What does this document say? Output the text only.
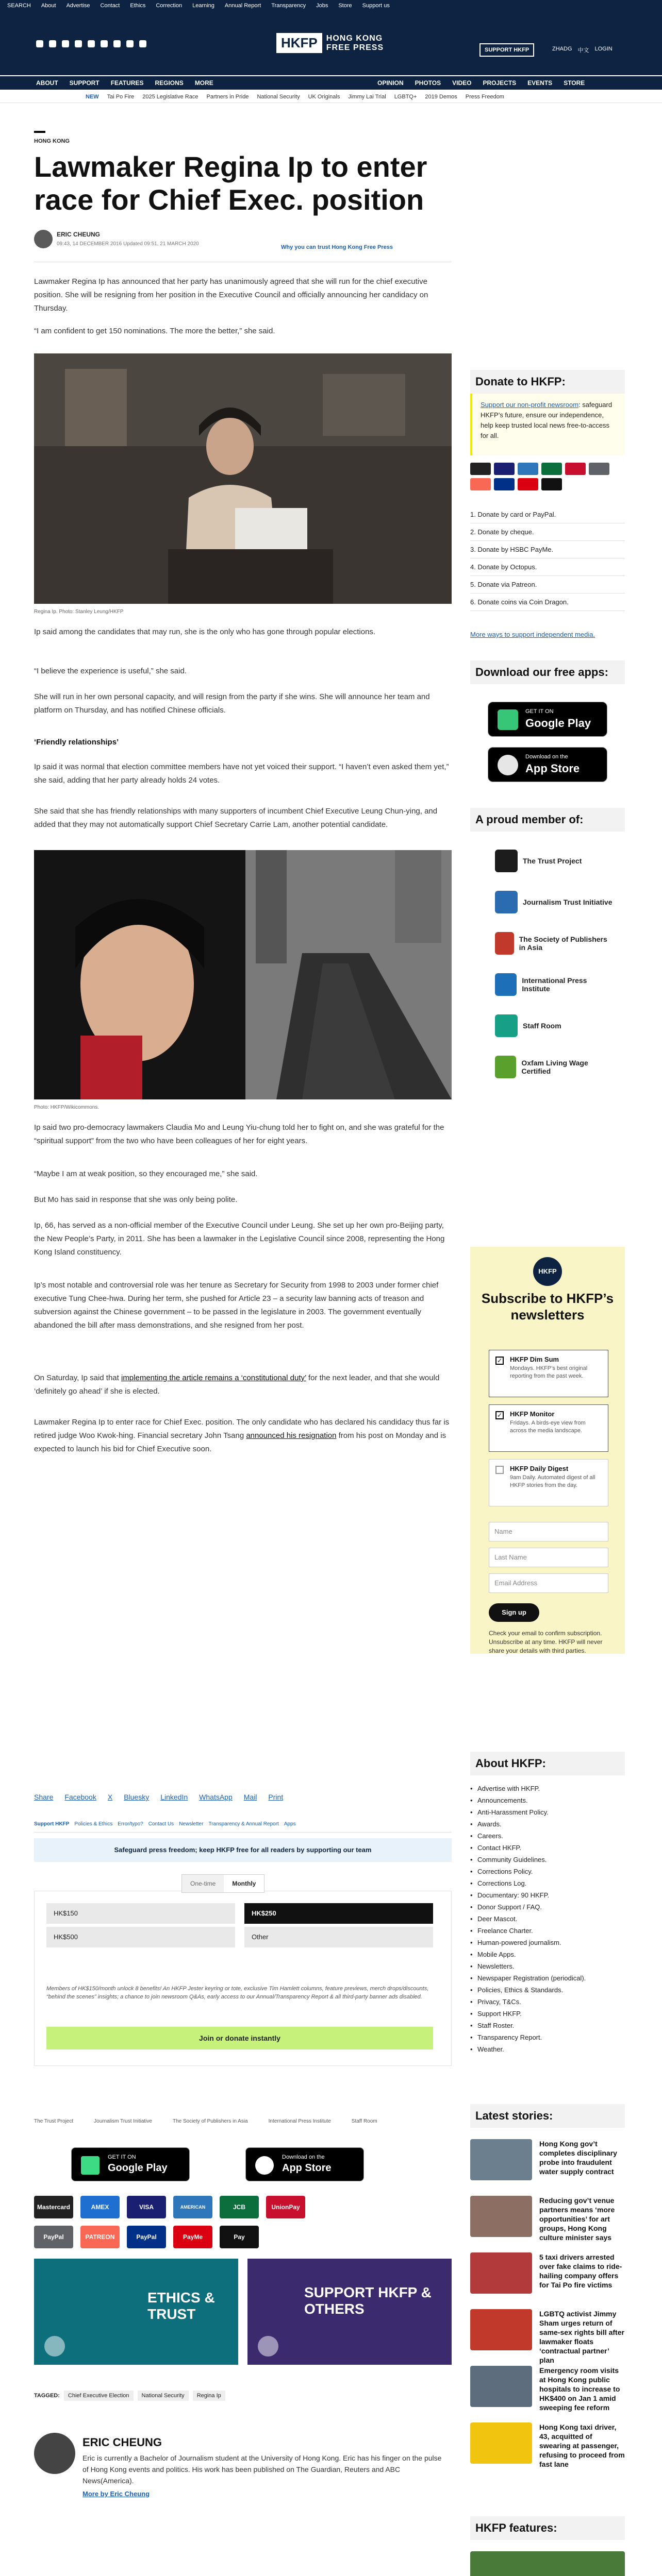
SEARCH About Advertise Contact Ethics Correction Learning Annual Report Transparency Jobs Store Support us
HKFP	HONG KONG
FREE PRESS	SUPPORT HKFP	ZHADG 中文 LOGIN
ABOUT SUPPORT FEATURES REGIONS MORE	OPINION PHOTOS VIDEO PROJECTS EVENTS STORE
NEW Tai Po Fire 2025 Legislative Race Partners in Pride National Security UK Originals Jimmy Lai Trial LGBTQ+ 2019 Demos Press Freedom
HONG KONG
Lawmaker Regina Ip to enter race for Chief Exec. position
ERIC CHEUNG
09:43, 14 DECEMBER 2016 Updated 09:51, 21 MARCH 2020
Why you can trust Hong Kong Free Press

Lawmaker Regina Ip has announced that her party has unanimously agreed that she will run for the chief executive position. She will be resigning from her position in the Executive Council and officially announcing her candidacy on Thursday.

“I am confident to get 150 nominations. The more the better,” she said.

Regina Ip. Photo: Stanley Leung/HKFP

Ip said among the candidates that may run, she is the only who has gone through popular elections.

“I believe the experience is useful,” she said.

She will run in her own personal capacity, and will resign from the party if she wins. She will announce her team and platform on Thursday, and has notified Chinese officials.

‘Friendly relationships’

Ip said it was normal that election committee members have not yet voiced their support. “I haven’t even asked them yet,” she said, adding that her party already holds 24 votes.

She said that she has friendly relationships with many supporters of incumbent Chief Executive Leung Chun-ying, and added that they may not automatically support Chief Secretary Carrie Lam, another potential candidate.

Photo: HKFP/Wikicommons.

Ip said two pro-democracy lawmakers Claudia Mo and Leung Yiu-chung told her to fight on, and she was grateful for the “spiritual support” from the two who have been colleagues of her for eight years.

“Maybe I am at weak position, so they encouraged me,” she said.

But Mo has said in response that she was only being polite.

Ip, 66, has served as a non-official member of the Executive Council under Leung. She set up her own pro-Beijing party, the New People’s Party, in 2011. She has been a lawmaker in the Legislative Council since 2008, representing the Hong Kong Island constituency.

Ip’s most notable and controversial role was her tenure as Secretary for Security from 1998 to 2003 under former chief executive Tung Chee-hwa. During her term, she pushed for Article 23 – a security law banning acts of treason and subversion against the Chinese government – to be passed in the legislature in 2003. The government eventually abandoned the bill after mass demonstrations, and she resigned from her post.

On Saturday, Ip said that implementing the article remains a ‘constitutional duty’ for the next leader, and that she would ‘definitely go ahead’ if she is elected.

Lawmaker Regina Ip to enter race for Chief Exec. position. The only candidate who has declared his candidacy thus far is retired judge Woo Kwok-hing. Financial secretary John Tsang announced his resignation from his post on Monday and is expected to launch his bid for Chief Executive soon.

Share Facebook X Bluesky LinkedIn WhatsApp Mail Print
Support HKFP Policies & Ethics Error/typo? Contact Us Newsletter Transparency & Annual Report Apps
Safeguard press freedom; keep HKFP free for all readers by supporting our team
One-time	Monthly
HK$150	HK$250
HK$500	Other

Members of HK$150/month unlock 8 benefits! An HKFP Jester keyring or tote, exclusive Tim Hamlett columns, feature previews, merch drops/discounts, “behind the scenes” insights; a chance to join newsroom Q&As, early access to our Annual/Transparency Report & all third-party banner ads disabled.

Join or donate instantly
The Trust Project	Journalism Trust Initiative	The Society of Publishers in Asia	International Press Institute	Staff Room
GET IT ON
Google Play
Download on the
App Store
Mastercard	AMEX	VISA	AMERICAN	JCB	UnionPay
PayPal	PATREON	PayPal	PayMe	Pay
ETHICS & TRUST
SUPPORT HKFP & OTHERS
TAGGED:	Chief Executive Election	National Security	Regina Ip
ERIC CHEUNG
Eric is currently a Bachelor of Journalism student at the University of Hong Kong. Eric has his finger on the pulse of Hong Kong events and politics. His work has been published on The Guardian, Reuters and ABC News(America).
More by Eric Cheung
Donate to HKFP:
Support our non-profit newsroom: safeguard HKFP’s future, ensure our independence, help keep trusted local news free-to-access for all.
1. Donate by card or PayPal.
2. Donate by cheque.
3. Donate by HSBC PayMe.
4. Donate by Octopus.
5. Donate via Patreon.
6. Donate coins via Coin Dragon.
More ways to support independent media.
Download our free apps:
GET IT ON
Google Play
Download on the
App Store
A proud member of:
The Trust Project
Journalism Trust Initiative
The Society of Publishers in Asia
International Press Institute
Staff Room
Oxfam Living Wage Certified
HKFP
Subscribe to HKFP’s newsletters
✓ HKFP Dim Sum
Mondays. HKFP’s best original reporting from the past week.
✓ HKFP Monitor
Fridays. A birds-eye view from across the media landscape.
HKFP Daily Digest
9am Daily. Automated digest of all HKFP stories from the day.
Name
Last Name
Email Address
Sign up
Check your email to confirm subscription. Unsubscribe at any time. HKFP will never share your details with third parties.
About HKFP:
• Advertise with HKFP.
• Announcements.
• Anti-Harassment Policy.
• Awards.
• Careers.
• Contact HKFP.
• Community Guidelines.
• Corrections Policy.
• Corrections Log.
• Documentary: 90 HKFP.
• Donor Support / FAQ.
• Deer Mascot.
• Freelance Charter.
• Human-powered journalism.
• Mobile Apps.
• Newsletters.
• Newspaper Registration (periodical).
• Policies, Ethics & Standards.
• Privacy, T&Cs.
• Support HKFP.
• Staff Roster.
• Transparency Report.
• Weather.
Latest stories:
Hong Kong gov’t completes disciplinary probe into fraudulent water supply contract
Reducing gov’t venue partners means ‘more opportunities’ for art groups, Hong Kong culture minister says
5 taxi drivers arrested over fake claims to ride-hailing company offers for Tai Po fire victims
LGBTQ activist Jimmy Sham urges return of same-sex rights bill after lawmaker floats ‘contractual partner’ plan
Emergency room visits at Hong Kong public hospitals to increase to HK$400 on Jan 1 amid sweeping fee reform
Hong Kong taxi driver, 43, acquitted of swearing at passenger, refusing to proceed from fast lane
HKFP features:
